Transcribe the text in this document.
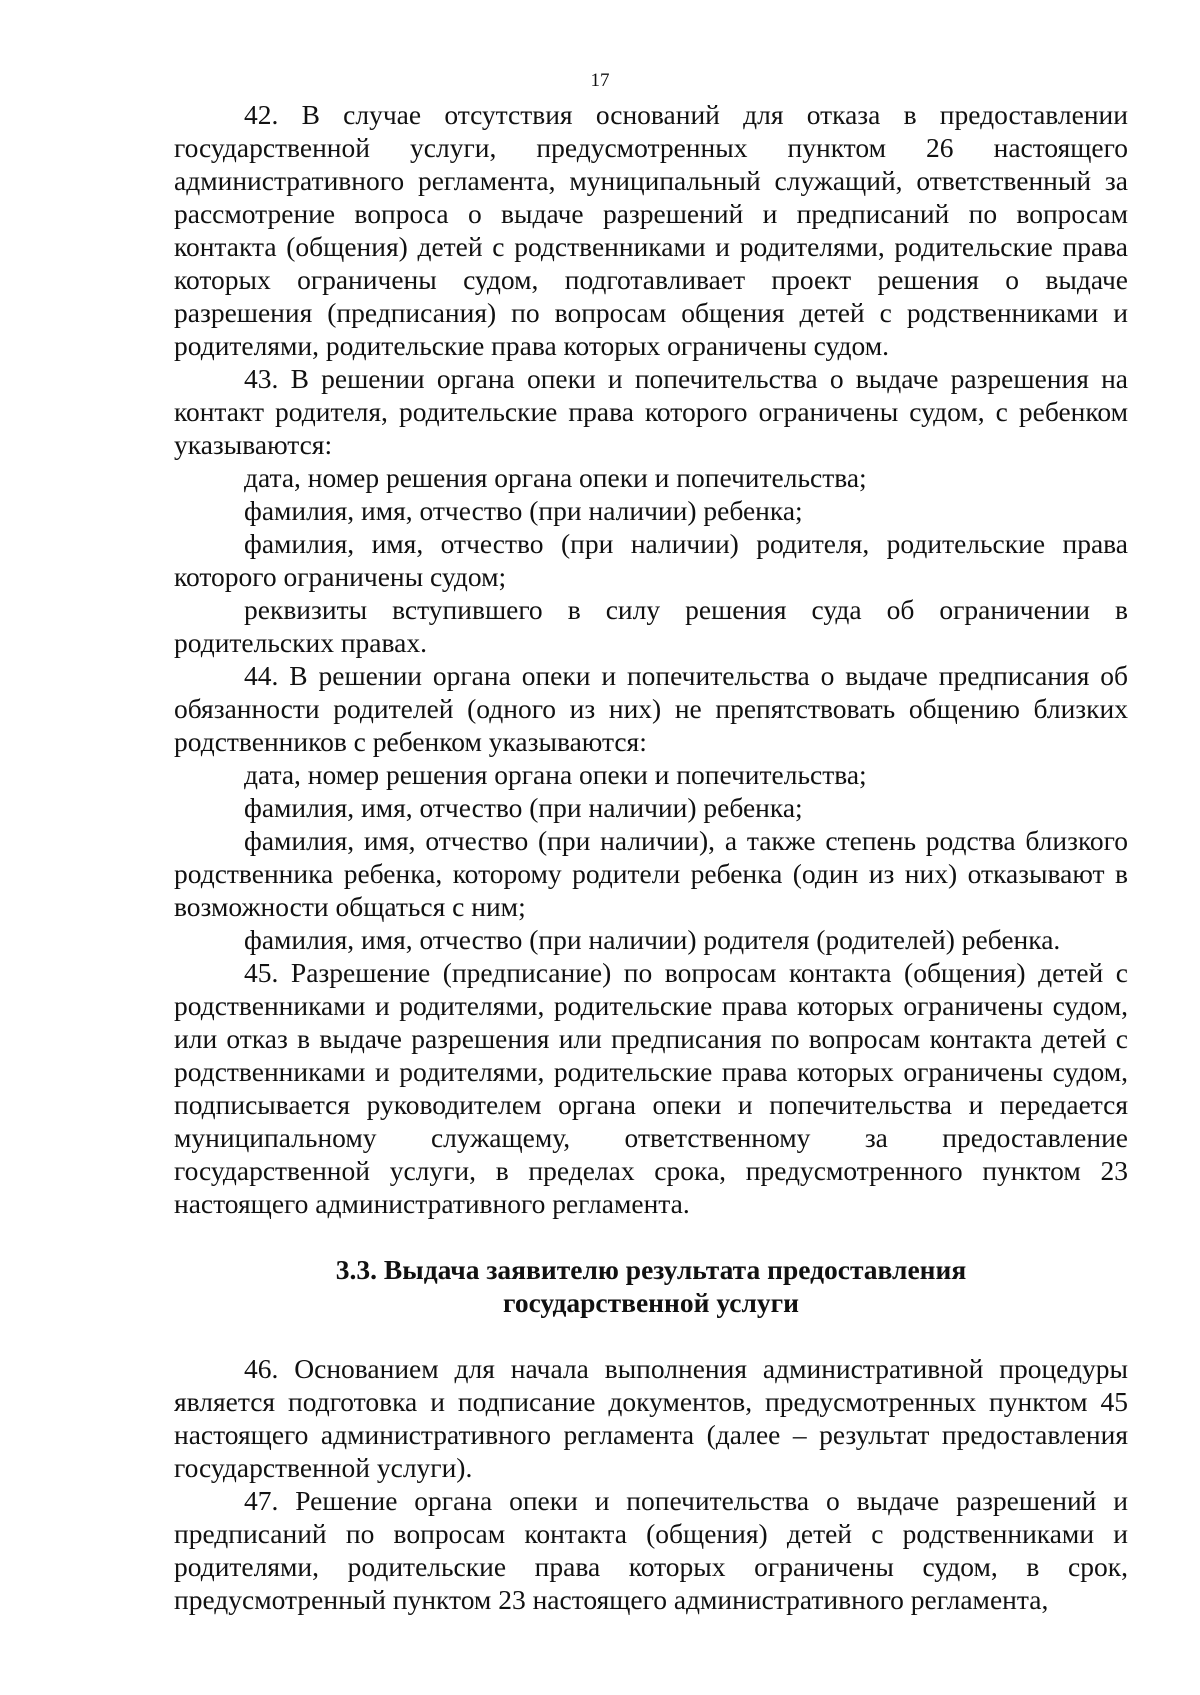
17

42. В случае отсутствия оснований для отказа в предоставлении государственной услуги, предусмотренных пунктом 26 настоящего административного регламента, муниципальный служащий, ответственный за рассмотрение вопроса о выдаче разрешений и предписаний по вопросам контакта (общения) детей с родственниками и родителями, родительские права которых ограничены судом, подготавливает проект решения о выдаче разрешения (предписания) по вопросам общения детей с родственниками и родителями, родительские права которых ограничены судом.

43. В решении органа опеки и попечительства о выдаче разрешения на контакт родителя, родительские права которого ограничены судом, с ребенком указываются:

дата, номер решения органа опеки и попечительства;

фамилия, имя, отчество (при наличии) ребенка;

фамилия, имя, отчество (при наличии) родителя, родительские права которого ограничены судом;

реквизиты вступившего в силу решения суда об ограничении в родительских правах.

44. В решении органа опеки и попечительства о выдаче предписания об обязанности родителей (одного из них) не препятствовать общению близких родственников с ребенком указываются:

дата, номер решения органа опеки и попечительства;

фамилия, имя, отчество (при наличии) ребенка;

фамилия, имя, отчество (при наличии), а также степень родства близкого родственника ребенка, которому родители ребенка (один из них) отказывают в возможности общаться с ним;

фамилия, имя, отчество (при наличии) родителя (родителей) ребенка.

45. Разрешение (предписание) по вопросам контакта (общения) детей с родственниками и родителями, родительские права которых ограничены судом, или отказ в выдаче разрешения или предписания по вопросам контакта детей с родственниками и родителями, родительские права которых ограничены судом, подписывается руководителем органа опеки и попечительства и передается муниципальному служащему, ответственному за предоставление государственной услуги, в пределах срока, предусмотренного пунктом 23 настоящего административного регламента.

3.3. Выдача заявителю результата предоставления

государственной услуги

46. Основанием для начала выполнения административной процедуры является подготовка и подписание документов, предусмотренных пунктом 45 настоящего административного регламента (далее – результат предоставления государственной услуги).

47. Решение органа опеки и попечительства о выдаче разрешений и предписаний по вопросам контакта (общения) детей с родственниками и родителями, родительские права которых ограничены судом, в срок, предусмотренный пунктом 23 настоящего административного регламента,
